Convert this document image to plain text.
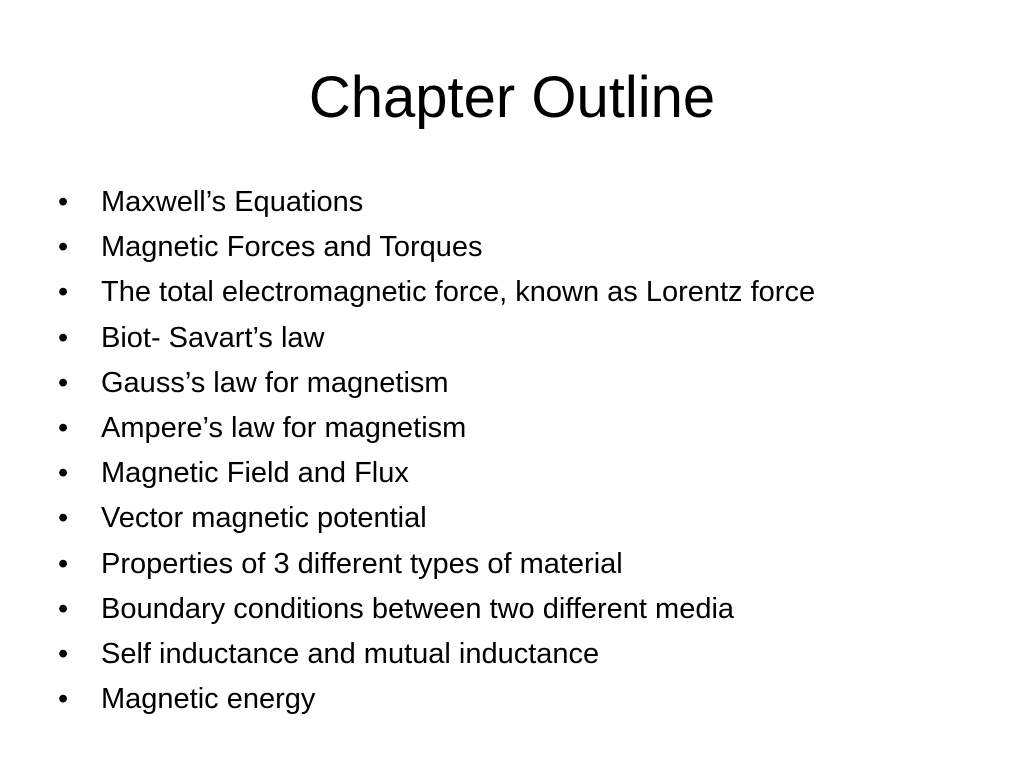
Chapter Outline
•	Maxwell’s Equations
•	Magnetic Forces and Torques
•	The total electromagnetic force, known as Lorentz force
•	Biot- Savart’s law
•	Gauss’s law for magnetism
•	Ampere’s law for magnetism
•	Magnetic Field and Flux
•	Vector magnetic potential
•	Properties of 3 different types of material
•	Boundary conditions between two different media
•	Self inductance and mutual inductance
•	Magnetic energy
